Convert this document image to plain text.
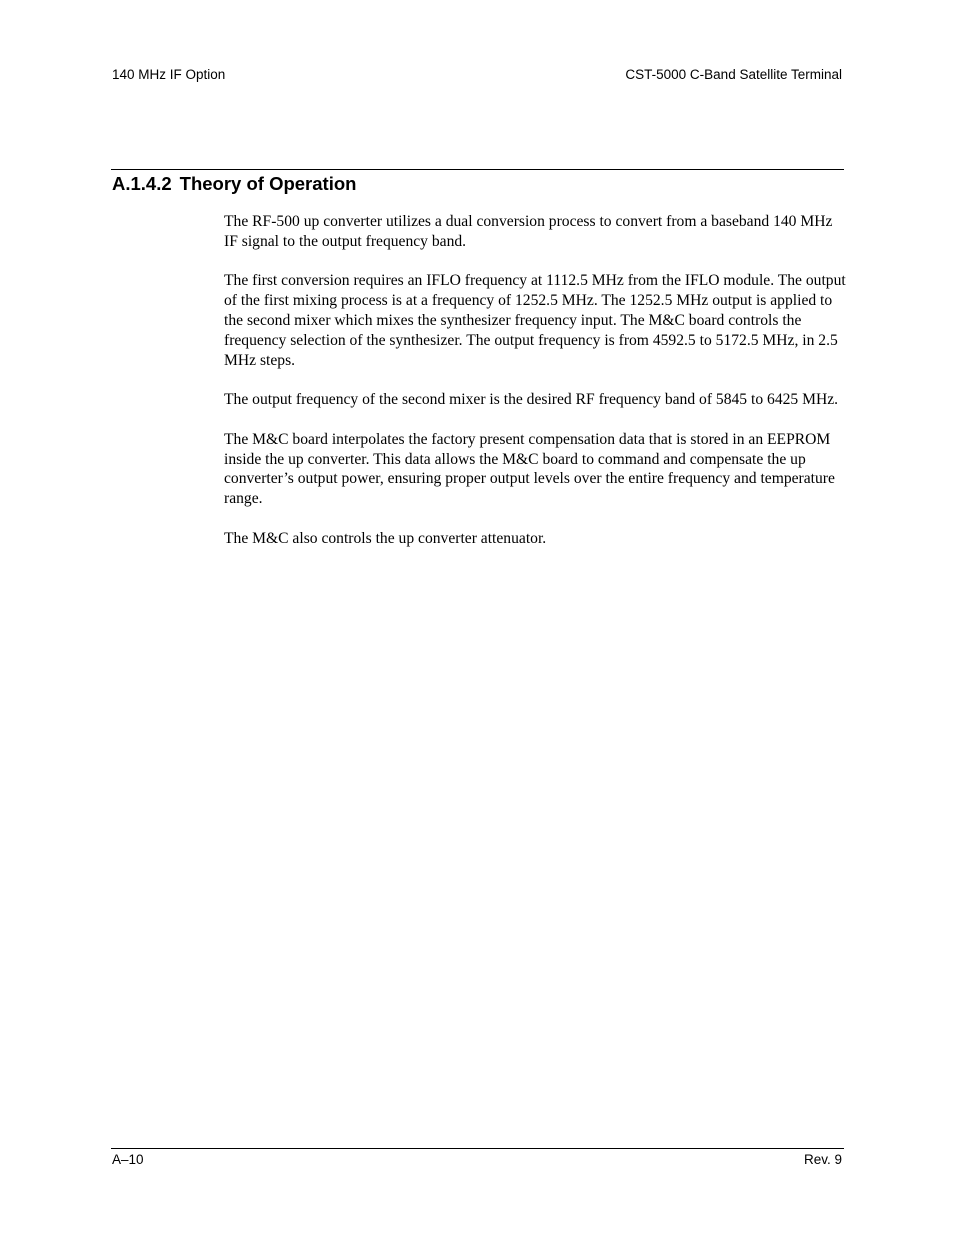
140 MHz IF Option	CST-5000 C-Band Satellite Terminal
A.1.4.2 Theory of Operation

The RF-500 up converter utilizes a dual conversion process to convert from a baseband 140 MHz IF signal to the output frequency band.

The first conversion requires an IFLO frequency at 1112.5 MHz from the IFLO module. The output of the first mixing process is at a frequency of 1252.5 MHz. The 1252.5 MHz output is applied to the second mixer which mixes the synthesizer frequency input. The M&C board controls the frequency selection of the synthesizer. The output frequency is from 4592.5 to 5172.5 MHz, in 2.5 MHz steps.

The output frequency of the second mixer is the desired RF frequency band of 5845 to 6425 MHz.

The M&C board interpolates the factory present compensation data that is stored in an EEPROM inside the up converter. This data allows the M&C board to command and compensate the up converter’s output power, ensuring proper output levels over the entire frequency and temperature range.

The M&C also controls the up converter attenuator.

A–10	Rev. 9
